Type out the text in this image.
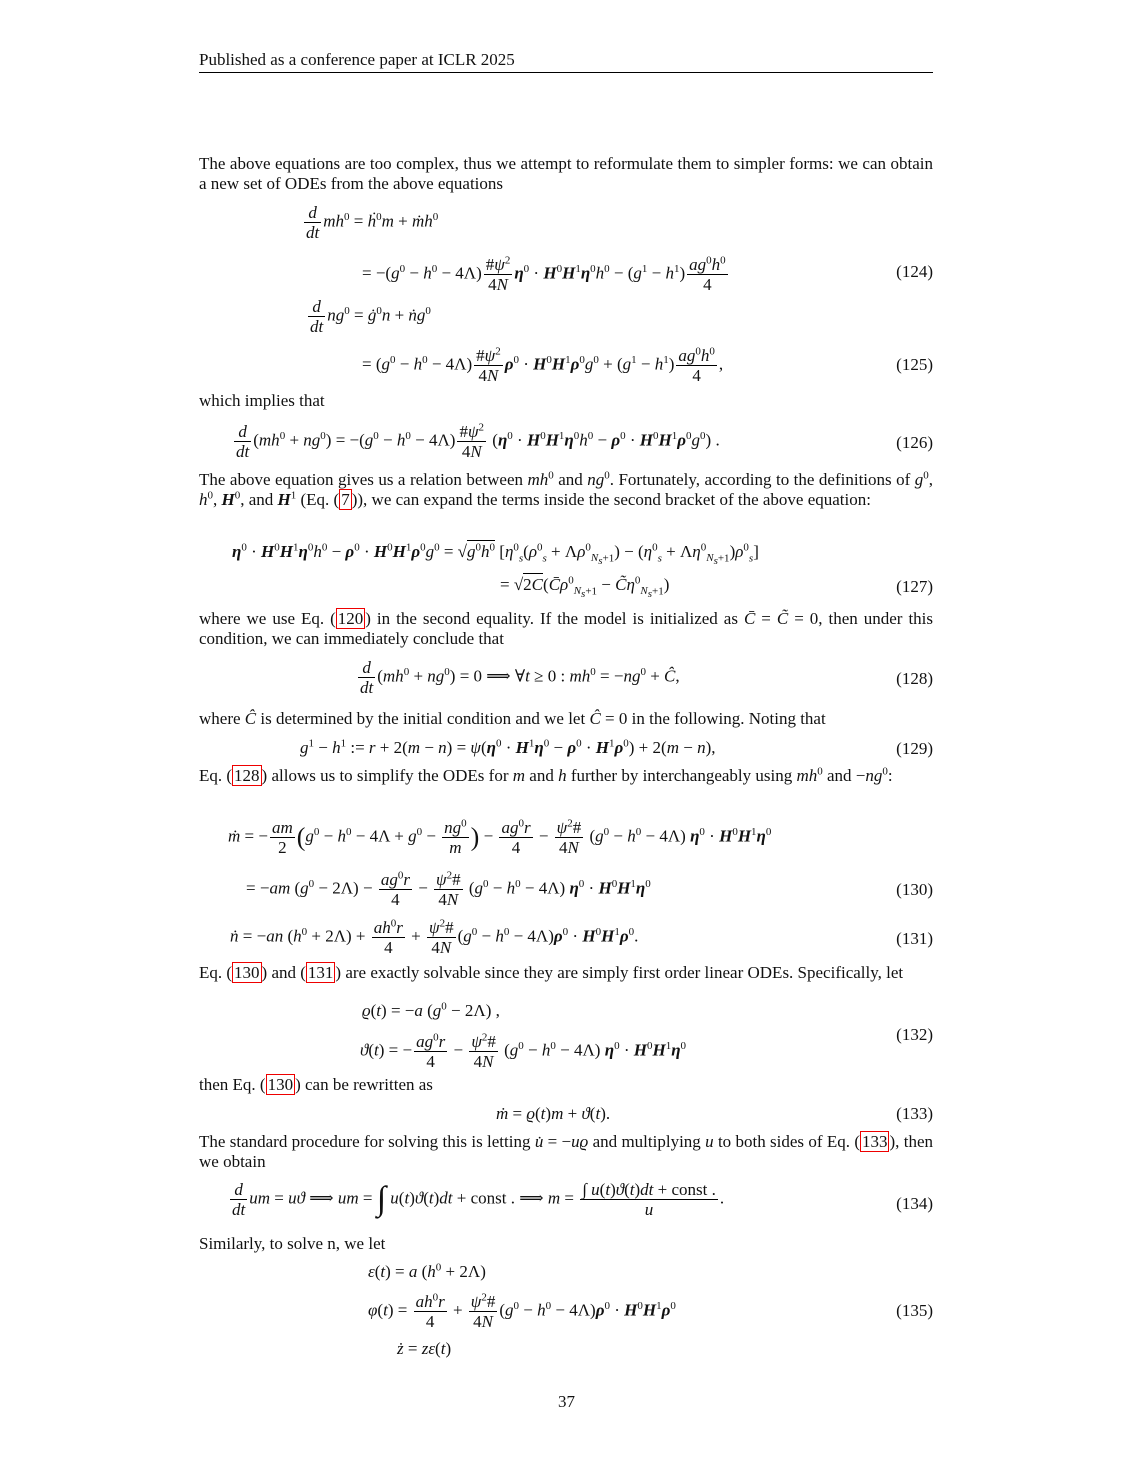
Published as a conference paper at ICLR 2025
The above equations are too complex, thus we attempt to reformulate them to simpler forms: we can obtain a new set of ODEs from the above equations
$\frac{d}{dt} mh^0$ = ḣ$^0$m + ṁh$^0$
= $-(g^0 - h^0 - 4\Lambda) \frac{\#\psi^2}{4N} \eta^0 \cdot H^0H^1\eta^0h^0 - (g^1 - h^1) \frac{ag^0h^0}{4}$	(124)
$\frac{d}{dt} ng^0$ = $ġ^0n$ + ṅg$^0$
= $(g^0 - h^0 - 4\Lambda) \frac{\#\psi^2}{4N} \rho^0 \cdot H^0H^1\rho^0g^0 + (g^1 - h^1) \frac{ag^0h^0}{4}$ ,	(125)
which implies that
$\frac{d}{dt} (mh^0 + ng^0) = -(g^0 - h^0 - 4\Lambda) \frac{\#\psi^2}{4N} (\eta^0 \cdot H^0H^1\eta^0h^0 - \rho^0 \cdot H^0H^1\rho^0g^0)$ .	(126)
The above equation gives us a relation between $mh^0$ and $ng^0$. Fortunately, according to the definitions of $g^0$, $h^0$, $H^0$, and $H^1$ (Eq. ( 7 )), we can expand the terms inside the second bracket of the above equation:
$\eta^0 \cdot H^0H^1\eta^0h^0 - \rho^0 \cdot H^0H^1\rho^0g^0 = √g^0h^0$ $[\eta^0_s(\rho^0_s + \Lambda\rho^0_{N_s+1}) - (\eta^0_s + \Lambda\eta^0_{N_s+1})\rho^0_s]$
= $√2C(C̄\rho^0_{N_s+1}$ − $C̃\eta^0_{N_s+1}$)	(127)
where we use Eq. ( 120 ) in the second equality. If the model is initialized as C̄ = C̃ = 0, then under this condition, we can immediately conclude that
$\frac{d}{dt} (mh^0 + ng^0) = 0$ ⟹ ∀t ≥ 0 : $mh^0 = -ng^0$ + Ĉ,	(128)
where Ĉ is determined by the initial condition and we let Ĉ = 0 in the following. Noting that
$g^1 - h^1$ := $r + 2(m - n) = \psi(\eta^0 \cdot H^1\eta^0 - \rho^0 \cdot H^1\rho^0) + 2(m - n)$,	(129)
Eq. ( 128 ) allows us to simplify the ODEs for m and h further by interchangeably using $mh^0$ and $-ng^0$:
ṁ = − $\frac{am}{2} (g^0 - h^0 - 4\Lambda + g^0 - \frac{ng^0}{m}$ ) − $\frac{ag^0r}{4} - \frac{\psi^2\#}{4N} (g^0 - h^0 - 4\Lambda) \eta^0 \cdot H^0H^1\eta^0$
= −am $(g^0 - 2\Lambda) - \frac{ag^0r}{4} - \frac{\psi^2\#}{4N} (g^0 - h^0 - 4\Lambda) \eta^0 \cdot H^0H^1\eta^0$	(130)
ṅ = −an $(h^0 + 2\Lambda) + \frac{ah^0r}{4} + \frac{\psi^2\#}{4N} (g^0 - h^0 - 4\Lambda)\rho^0 \cdot H^0H^1\rho^0$.	(131)
Eq. ( 130 ) and ( 131 ) are exactly solvable since they are simply first order linear ODEs. Specifically, let
ϱ(t) = −a $(g^0 - 2\Lambda)$ ,
ϑ(t) = − $\frac{ag^0r}{4} - \frac{\psi^2\#}{4N} (g^0 - h^0 - 4\Lambda) \eta^0 \cdot H^0H^1\eta^0$
(132)
then Eq. ( 130 ) can be rewritten as
ṁ = ϱ(t)m + ϑ(t).	(133)
The standard procedure for solving this is letting u̇ = −uϱ and multiplying u to both sides of Eq. ( 133 ), then we obtain
$\frac{d}{dt}$ um = uϑ ⟹ um = ∫ u(t)ϑ(t)dt + const . ⟹ $m = \frac{\text{∫ u(t)ϑ(t)dt + const .}}{u}$ .	(134)
Similarly, to solve n, we let
ε(t) = a $(h^0 + 2\Lambda)$
$\varphi(t) = \frac{ah^0r}{4} + \frac{\psi^2\#}{4N} (g^0 - h^0 - 4\Lambda)\rho^0 \cdot H^0H^1\rho^0$
ż = zε(t)
(135)
37
